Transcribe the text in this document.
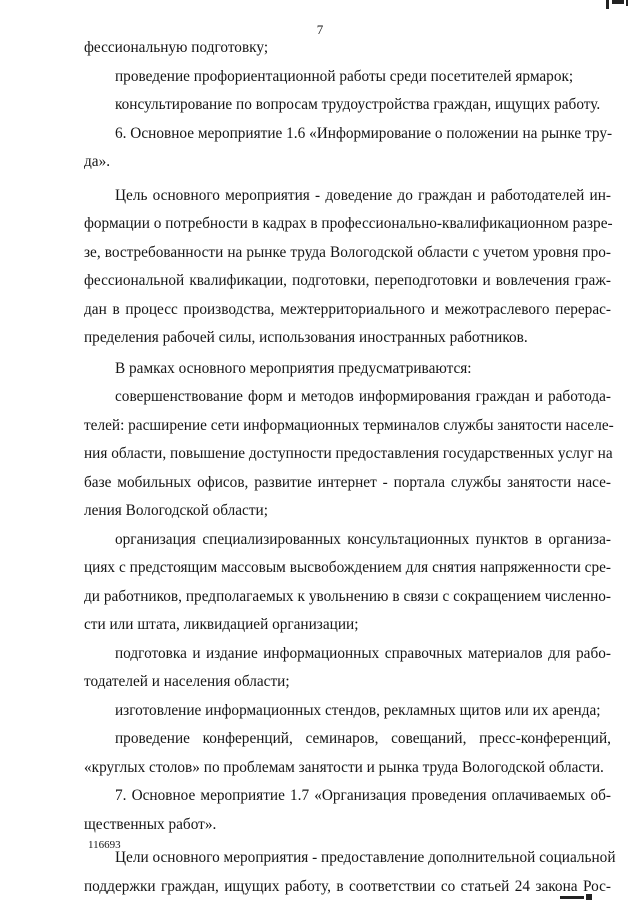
7
фессиональную подготовку;
проведение профориентационной работы среди посетителей ярмарок;
консультирование по вопросам трудоустройства граждан, ищущих работу.
6. Основное мероприятие 1.6 «Информирование о положении на рынке тру-
да».
Цель основного мероприятия - доведение до граждан и работодателей ин-
формации о потребности в кадрах в профессионально-квалификационном разре-
зе, востребованности на рынке труда Вологодской области с учетом уровня про-
фессиональной квалификации, подготовки, переподготовки и вовлечения граж-
дан в процесс производства, межтерриториального и межотраслевого перерас-
пределения рабочей силы, использования иностранных работников.
В рамках основного мероприятия предусматриваются:
совершенствование форм и методов информирования граждан и работода-
телей: расширение сети информационных терминалов службы занятости населе-
ния области, повышение доступности предоставления государственных услуг на
базе мобильных офисов, развитие интернет - портала службы занятости насе-
ления Вологодской области;
организация специализированных консультационных пунктов в организа-
циях с предстоящим массовым высвобождением для снятия напряженности сре-
ди работников, предполагаемых к увольнению в связи с сокращением численно-
сти или штата, ликвидацией организации;
подготовка и издание информационных справочных материалов для рабо-
тодателей и населения области;
изготовление информационных стендов, рекламных щитов или их аренда;
проведение конференций, семинаров, совещаний, пресс-конференций,
«круглых столов» по проблемам занятости и рынка труда Вологодской области.
7. Основное мероприятие 1.7 «Организация проведения оплачиваемых об-
щественных работ».
Цели основного мероприятия - предоставление дополнительной социальной
поддержки граждан, ищущих работу, в соответствии со статьей 24 закона Рос-
116693
